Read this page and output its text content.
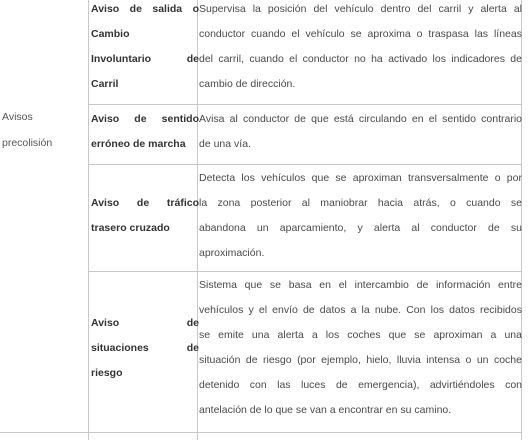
Avisos
precolisión
Aviso de salida o
Cambio
Involuntario de
Carril
Supervisa la posición del vehículo dentro del carril y alerta al
conductor cuando el vehículo se aproxima o traspasa las líneas
del carril, cuando el conductor no ha activado los indicadores de
cambio de dirección.
Aviso de sentido
erróneo de marcha
Avisa al conductor de que está circulando en el sentido contrario
de una vía.
Aviso de tráfico
trasero cruzado
Detecta los vehículos que se aproximan transversalmente o por
la zona posterior al maniobrar hacia atrás, o cuando se
abandona un aparcamiento, y alerta al conductor de su
aproximación.
Aviso de
situaciones de
riesgo
Sistema que se basa en el intercambio de información entre
vehículos y el envío de datos a la nube. Con los datos recibidos
se emite una alerta a los coches que se aproximan a una
situación de riesgo (por ejemplo, hielo, lluvia intensa o un coche
detenido con las luces de emergencia), advirtiéndoles con
antelación de lo que se van a encontrar en su camino.
